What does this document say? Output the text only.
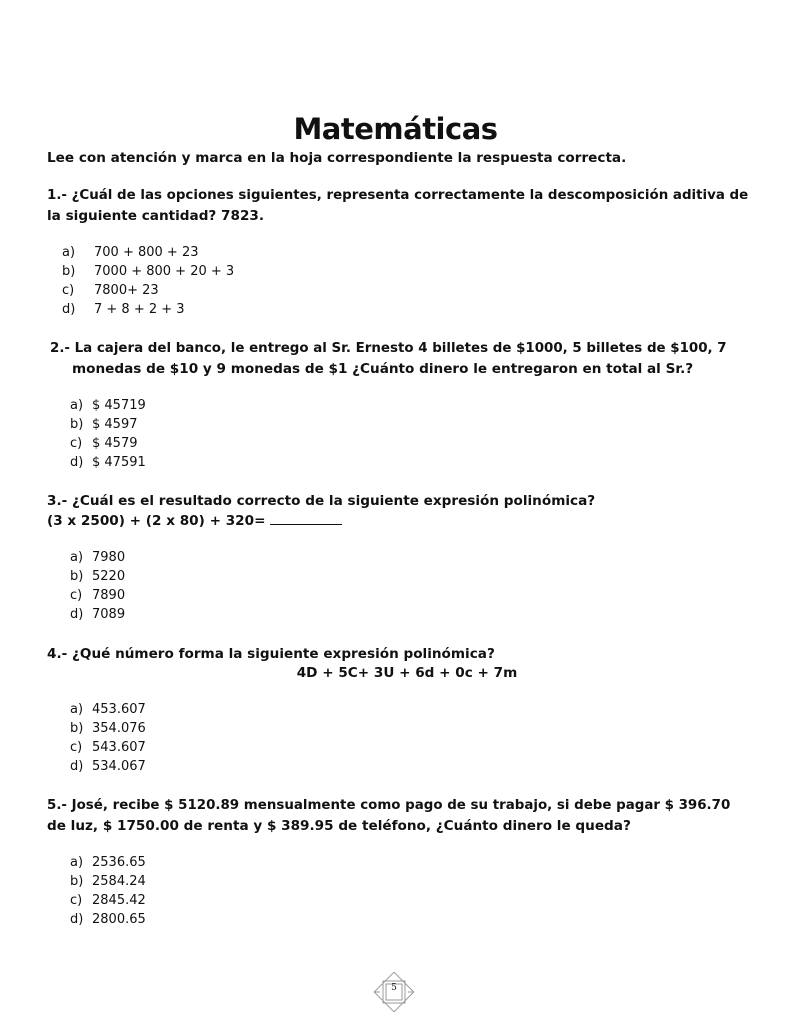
Matemáticas

Lee con atención y marca en la hoja correspondiente la respuesta correcta.

1.- ¿Cuál de las opciones siguientes, representa correctamente la descomposición aditiva de

la siguiente cantidad? 7823.

a) 700 + 800 + 23
b) 7000 + 800 + 20 + 3
c) 7800+ 23
d) 7 + 8 + 2 + 3

2.- La cajera del banco, le entrego al Sr. Ernesto 4 billetes de $1000, 5 billetes de $100, 7

monedas de $10 y 9 monedas de $1 ¿Cuánto dinero le entregaron en total al Sr.?

a) $ 45719
b) $ 4597
c) $ 4579
d) $ 47591

3.- ¿Cuál es el resultado correcto de la siguiente expresión polinómica?

(3 x 2500) + (2 x 80) + 320=

a) 7980
b) 5220
c) 7890
d) 7089

4.- ¿Qué número forma la siguiente expresión polinómica?

4D + 5C+ 3U + 6d + 0c + 7m

a) 453.607
b) 354.076
c) 543.607
d) 534.067

5.- José, recibe $ 5120.89 mensualmente como pago de su trabajo, si debe pagar $ 396.70

de luz, $ 1750.00 de renta y $ 389.95 de teléfono, ¿Cuánto dinero le queda?

a) 2536.65
b) 2584.24
c) 2845.42
d) 2800.65
5
